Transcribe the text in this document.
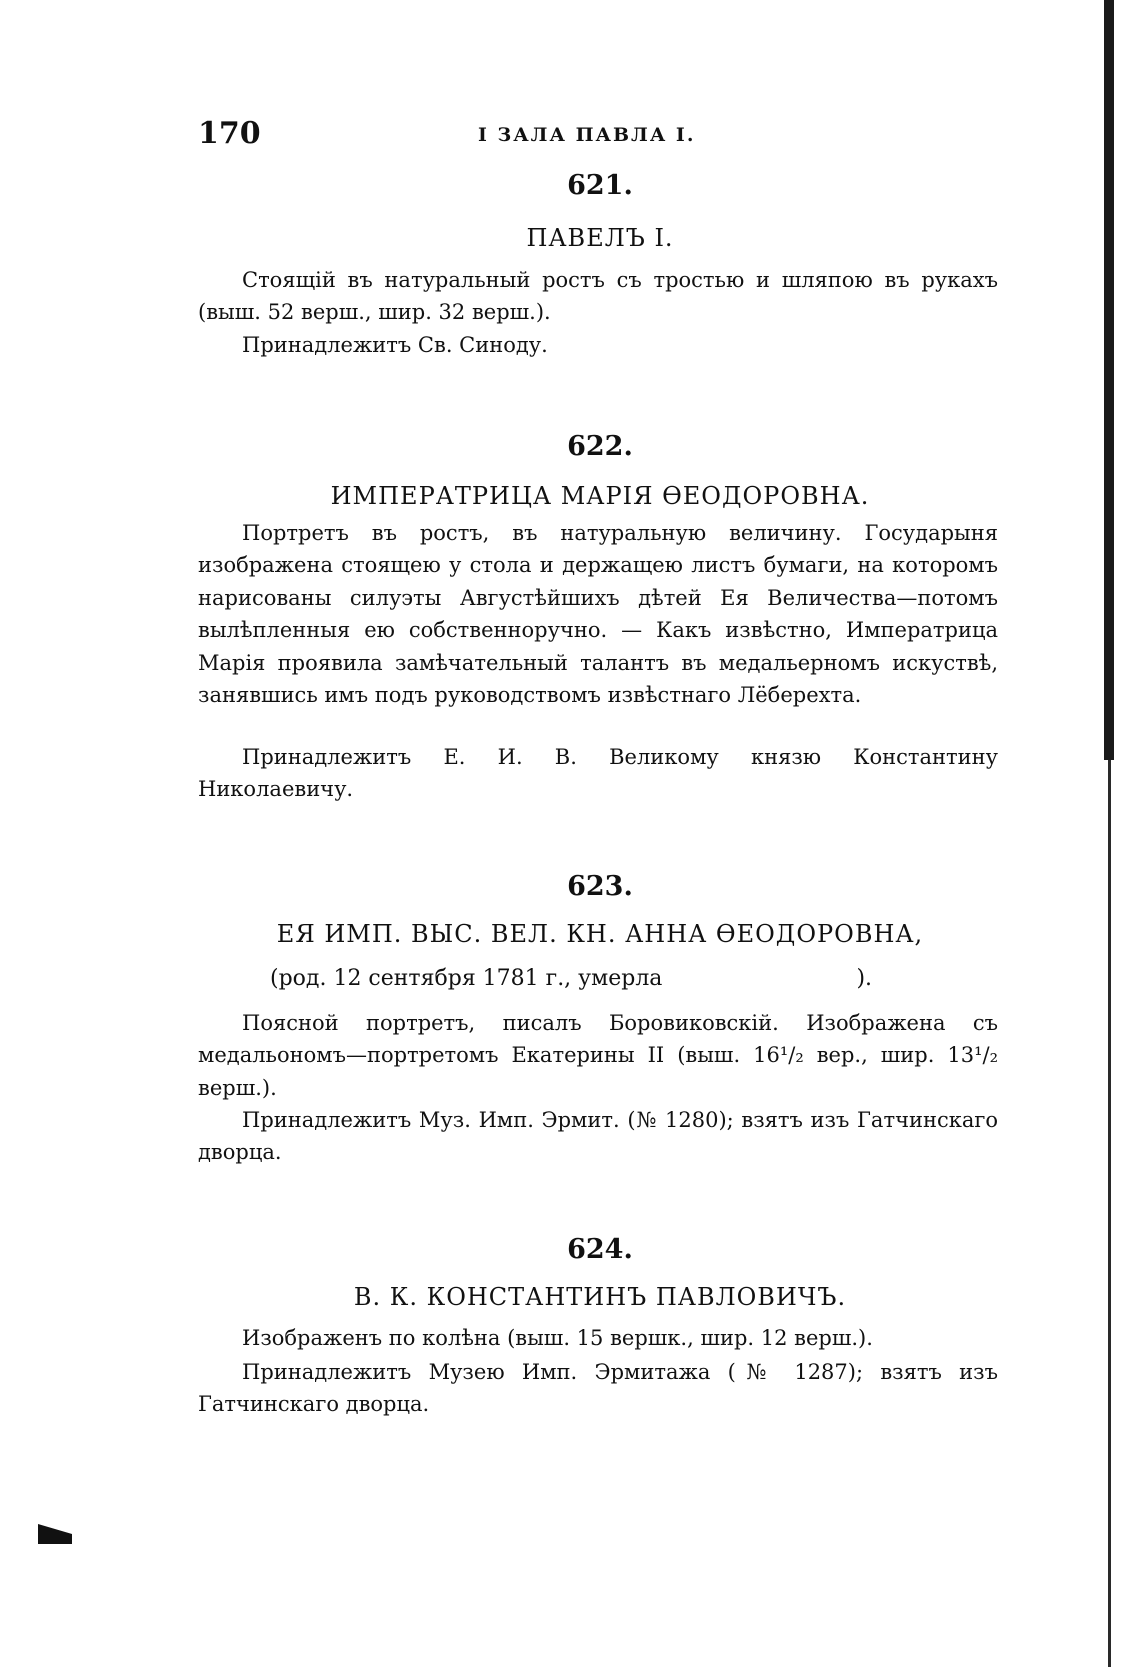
170	I ЗАЛА ПАВЛА I.
621.
ПАВЕЛЪ I.

Стоящій въ натуральный ростъ съ тростью и шляпою въ рукахъ (выш. 52 верш., шир. 32 верш.).

Принадлежитъ Св. Синоду.

622.
ИМПЕРАТРИЦА МАРІЯ ѲЕОДОРОВНА.

Портретъ въ ростъ, въ натуральную величину. Государыня изображена стоящею у стола и держащею листъ бумаги, на которомъ нарисованы силуэты Августѣйшихъ дѣтей Ея Величества—потомъ вылѣпленныя ею собственноручно. — Какъ извѣстно, Императрица Марія проявила замѣчательный талантъ въ медальерномъ искуствѣ, занявшись имъ подъ руководствомъ извѣстнаго Лёберехта.

Принадлежитъ Е. И. В. Великому князю Константину Николаевичу.

623.
ЕЯ ИМП. ВЫС. ВЕЛ. КН. АННА ѲЕОДОРОВНА,
(род. 12 сентября 1781 г., умерла	).

Поясной портретъ, писалъ Боровиковскій. Изображена съ медальономъ—портретомъ Екатерины II (выш. 16¹/₂ вер., шир. 13¹/₂ верш.).

Принадлежитъ Муз. Имп. Эрмит. (№ 1280); взятъ изъ Гатчинскаго дворца.

624.
В. К. КОНСТАНТИНЪ ПАВЛОВИЧЪ.

Изображенъ по колѣна (выш. 15 вершк., шир. 12 верш.).

Принадлежитъ Музею Имп. Эрмитажа (№ 1287); взятъ изъ Гатчинскаго дворца.
